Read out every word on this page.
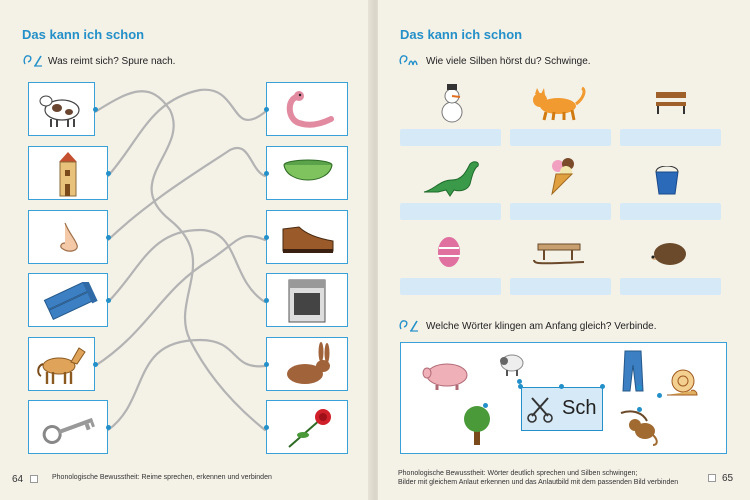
Das kann ich schon
Was reimt sich? Spure nach.
64	Phonologische Bewusstheit: Reime sprechen, erkennen und verbinden
Das kann ich schon
Wie viele Silben hörst du? Schwinge.
Welche Wörter klingen am Anfang gleich? Verbinde.
Sch
Phonologische Bewusstheit: Wörter deutlich sprechen und Silben schwingen;
Bilder mit gleichem Anlaut erkennen und das Anlautbild mit dem passenden Bild verbinden	65
